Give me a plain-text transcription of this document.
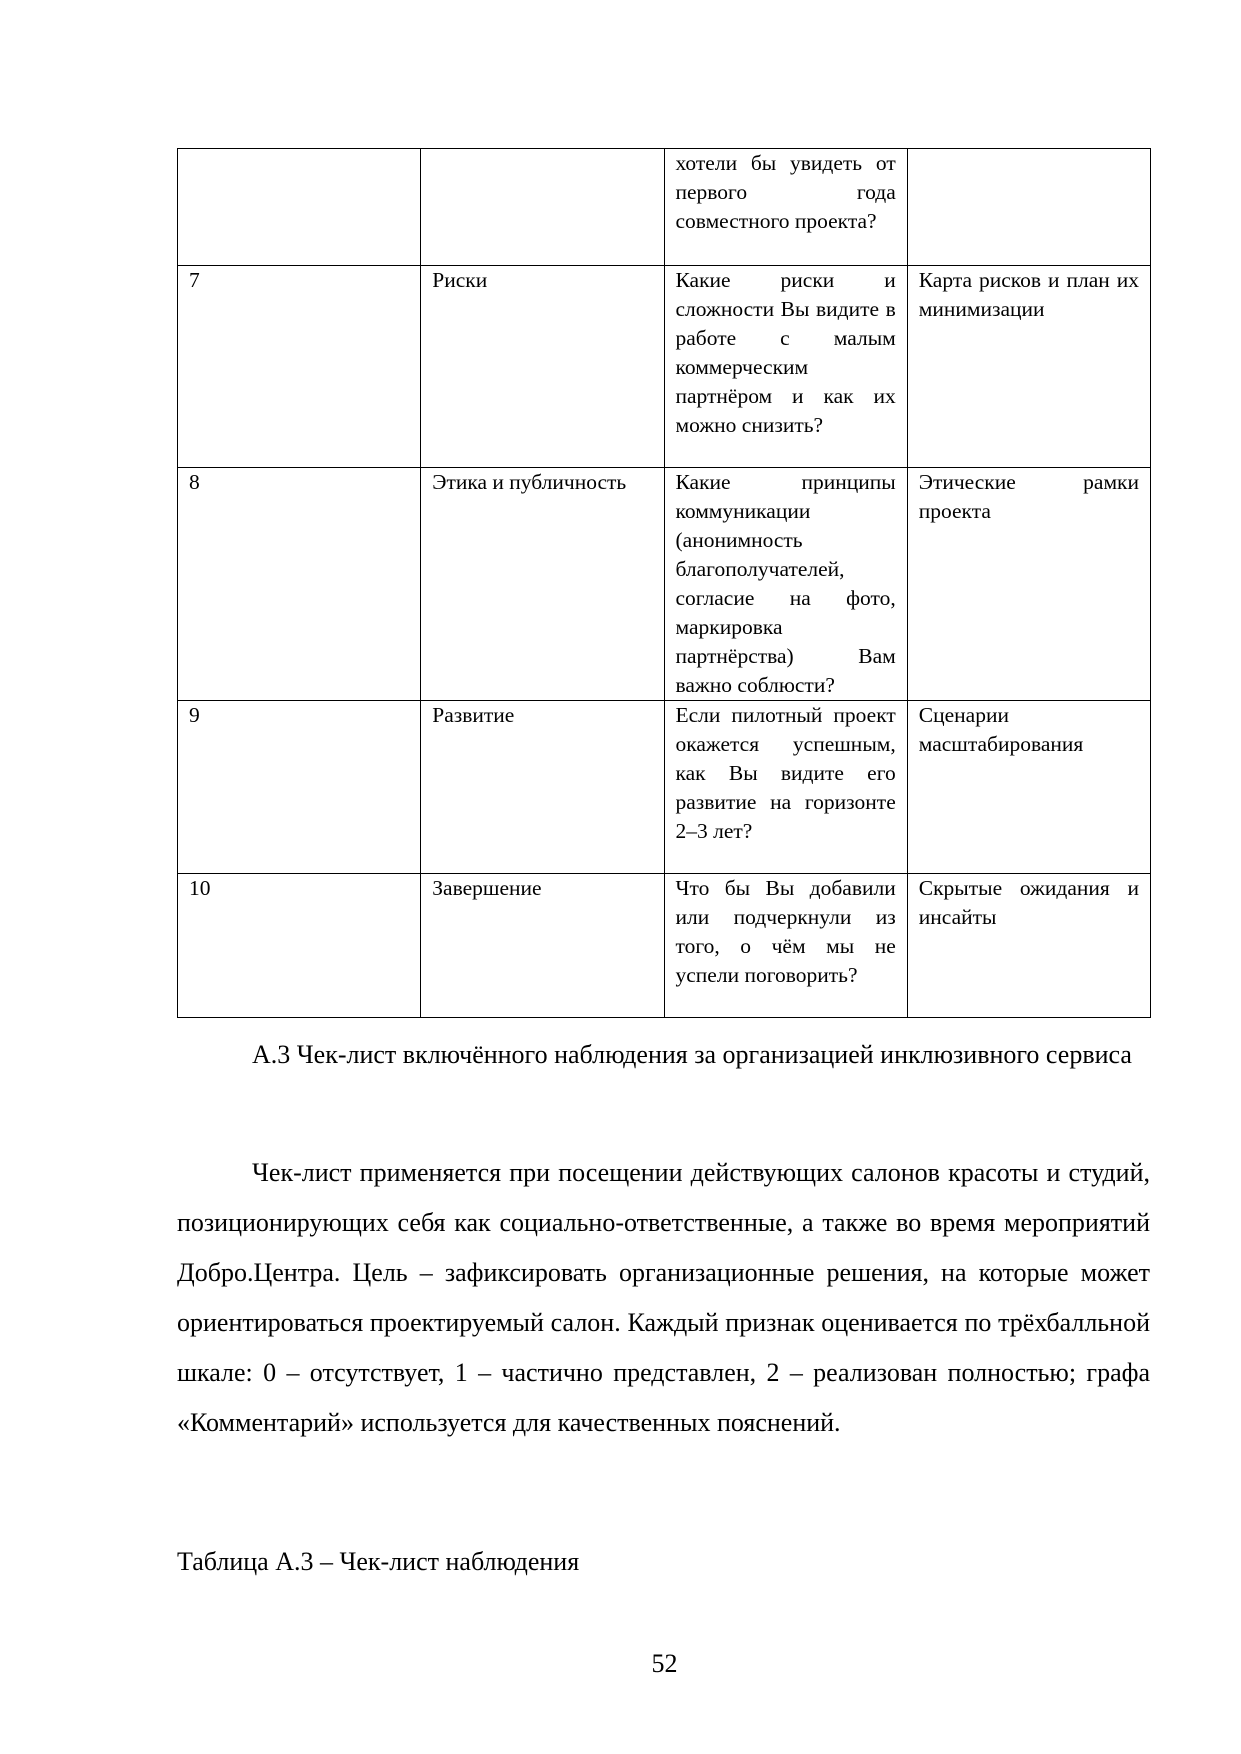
		хотели бы увидеть от первого года совместного проекта?	
7	Риски	Какие риски и сложности Вы видите в работе с малым коммерческим партнёром и как их можно снизить?	Карта рисков и план их минимизации
8	Этика и публичность	Какие принципы коммуникации (анонимность благополучателей, согласие на фото, маркировка партнёрства) Вам важно соблюсти?	Этические рамки проекта
9	Развитие	Если пилотный проект окажется успешным, как Вы видите его развитие на горизонте 2–3 лет?	Сценарии масштабирования
10	Завершение	Что бы Вы добавили или подчеркнули из того, о чём мы не успели поговорить?	Скрытые ожидания и инсайты

А.3 Чек-лист включённого наблюдения за организацией инклюзивного сервиса

Чек-лист применяется при посещении действующих салонов красоты и студий, позиционирующих себя как социально-ответственные, а также во время мероприятий Добро.Центра. Цель – зафиксировать организационные решения, на которые может ориентироваться проектируемый салон. Каждый признак оценивается по трёхбалльной шкале: 0 – отсутствует, 1 – частично представлен, 2 – реализован полностью; графа «Комментарий» используется для качественных пояснений.

Таблица А.3 – Чек-лист наблюдения

52
